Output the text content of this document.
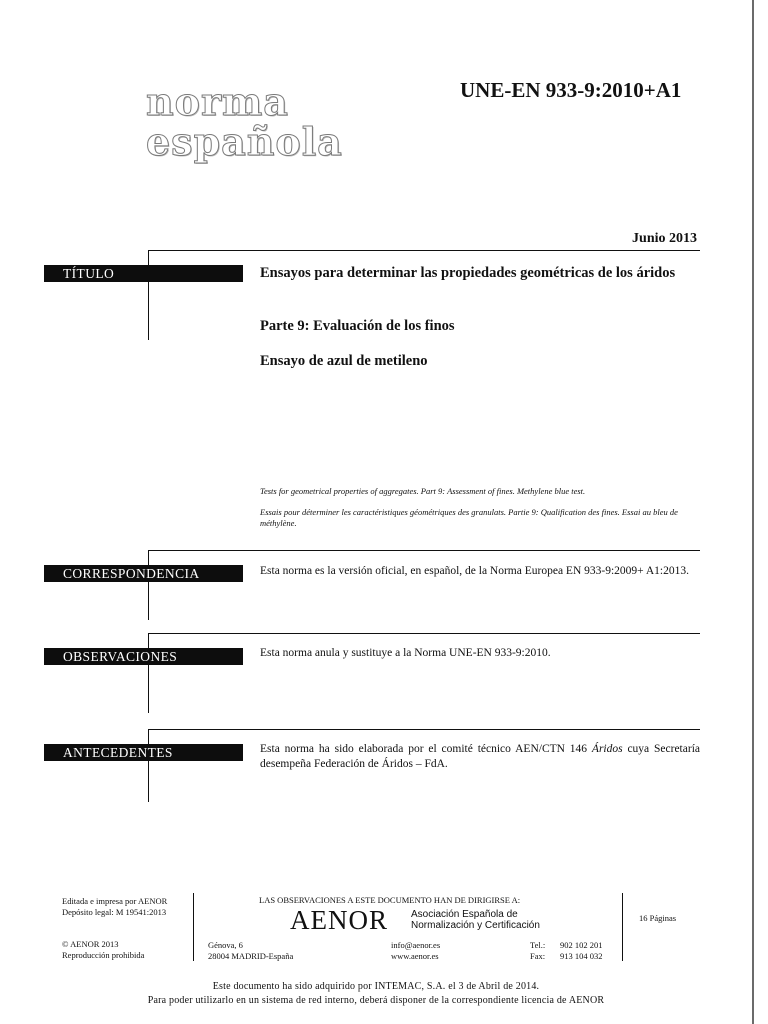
norma
española
UNE-EN 933-9:2010+A1
Junio 2013
TÍTULO	Ensayos para determinar las propiedades geométricas de los áridos
Parte 9: Evaluación de los finos
Ensayo de azul de metileno
Tests for geometrical properties of aggregates. Part 9: Assessment of fines. Methylene blue test.
Essais pour déterminer les caractéristiques géométriques des granulats. Partie 9: Qualification des fines. Essai au bleu de méthylène.
CORRESPONDENCIA	Esta norma es la versión oficial, en español, de la Norma Europea EN 933-9:2009+ A1:2013.
OBSERVACIONES	Esta norma anula y sustituye a la Norma UNE-EN 933-9:2010.
ANTECEDENTES	Esta norma ha sido elaborada por el comité técnico AEN/CTN 146 Áridos cuya Secretaría desempeña Federación de Áridos – FdA.
Editada e impresa por AENOR
Depósito legal: M 19541:2013
© AENOR 2013
Reproducción prohibida
LAS OBSERVACIONES A ESTE DOCUMENTO HAN DE DIRIGIRSE A:
AENOR Asociación Española de
Normalización y Certificación
Génova, 6
28004 MADRID-España
info@aenor.es
www.aenor.es
Tel.: 902 102 201
Fax: 913 104 032
16 Páginas
Este documento ha sido adquirido por INTEMAC, S.A. el 3 de Abril de 2014.
Para poder utilizarlo en un sistema de red interno, deberá disponer de la correspondiente licencia de AENOR
